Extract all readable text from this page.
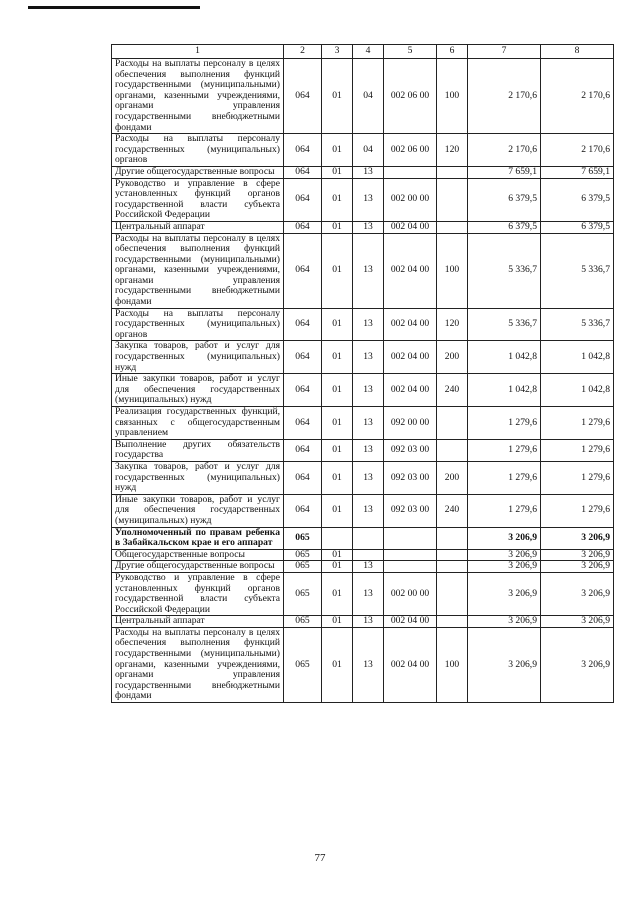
1	2	3	4	5	6	7	8
Расходы на выплаты персоналу в целях обеспечения выполнения функций государственными (муниципальными) органами, казенными учреждениями, органами управления государственными внебюджетными фондами	064	01	04	002 06 00	100	2 170,6	2 170,6
Расходы на выплаты персоналу государственных (муниципальных) органов	064	01	04	002 06 00	120	2 170,6	2 170,6
Другие общегосударственные вопросы	064	01	13			7 659,1	7 659,1
Руководство и управление в сфере установленных функций органов государственной власти субъекта Российской Федерации	064	01	13	002 00 00		6 379,5	6 379,5
Центральный аппарат	064	01	13	002 04 00		6 379,5	6 379,5
Расходы на выплаты персоналу в целях обеспечения выполнения функций государственными (муниципальными) органами, казенными учреждениями, органами управления государственными внебюджетными фондами	064	01	13	002 04 00	100	5 336,7	5 336,7
Расходы на выплаты персоналу государственных (муниципальных) органов	064	01	13	002 04 00	120	5 336,7	5 336,7
Закупка товаров, работ и услуг для государственных (муниципальных) нужд	064	01	13	002 04 00	200	1 042,8	1 042,8
Иные закупки товаров, работ и услуг для обеспечения государственных (муниципальных) нужд	064	01	13	002 04 00	240	1 042,8	1 042,8
Реализация государственных функций, связанных с общегосударственным управлением	064	01	13	092 00 00		1 279,6	1 279,6
Выполнение других обязательств государства	064	01	13	092 03 00		1 279,6	1 279,6
Закупка товаров, работ и услуг для государственных (муниципальных) нужд	064	01	13	092 03 00	200	1 279,6	1 279,6
Иные закупки товаров, работ и услуг для обеспечения государственных (муниципальных) нужд	064	01	13	092 03 00	240	1 279,6	1 279,6
Уполномоченный по правам ребенка в Забайкальском крае и его аппарат	065					3 206,9	3 206,9
Общегосударственные вопросы	065	01				3 206,9	3 206,9
Другие общегосударственные вопросы	065	01	13			3 206,9	3 206,9
Руководство и управление в сфере установленных функций органов государственной власти субъекта Российской Федерации	065	01	13	002 00 00		3 206,9	3 206,9
Центральный аппарат	065	01	13	002 04 00		3 206,9	3 206,9
Расходы на выплаты персоналу в целях обеспечения выполнения функций государственными (муниципальными) органами, казенными учреждениями, органами управления государственными внебюджетными фондами	065	01	13	002 04 00	100	3 206,9	3 206,9
77
